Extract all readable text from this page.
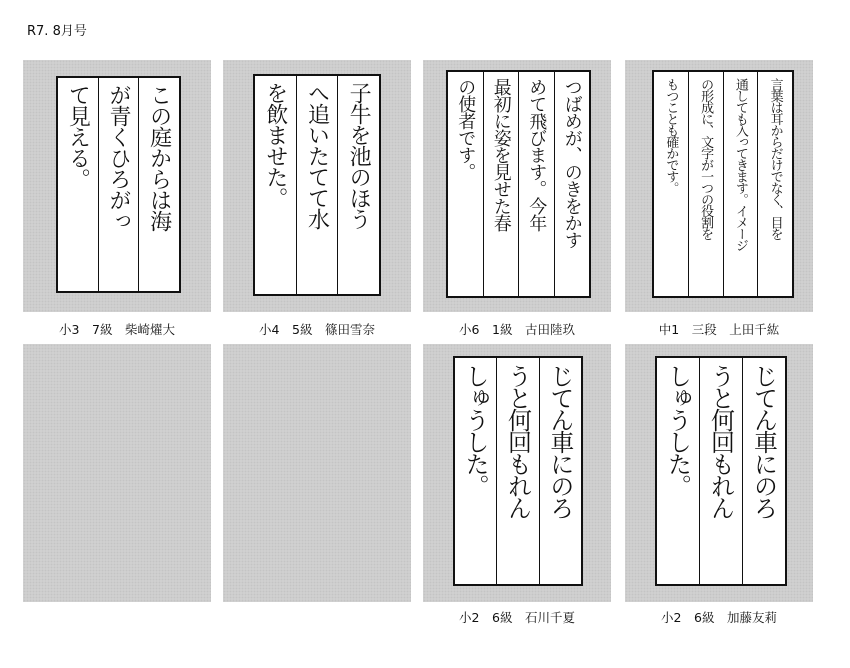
R7. 8月号
この庭からは海
が青くひろがっ
て見える。
小3　7級　柴崎燿大
子牛を池のほう
へ追いたてて水
を飲ませた。
小4　5級　篠田雪奈
つばめが、のきをかす
めて飛びます。今年
最初に姿を見せた春
の使者です。
小6　1級　古田陸玖
言葉は耳からだけでなく、目を
通しても入ってきます。イメージ
の形成に、文字が一つの役割を
もつことも確かです。
中1　三段　上田千紘
じてん車にのろ
うと何回もれん
しゅうした。
小2　6級　石川千夏
じてん車にのろ
うと何回もれん
しゅうした。
小2　6級　加藤友莉
